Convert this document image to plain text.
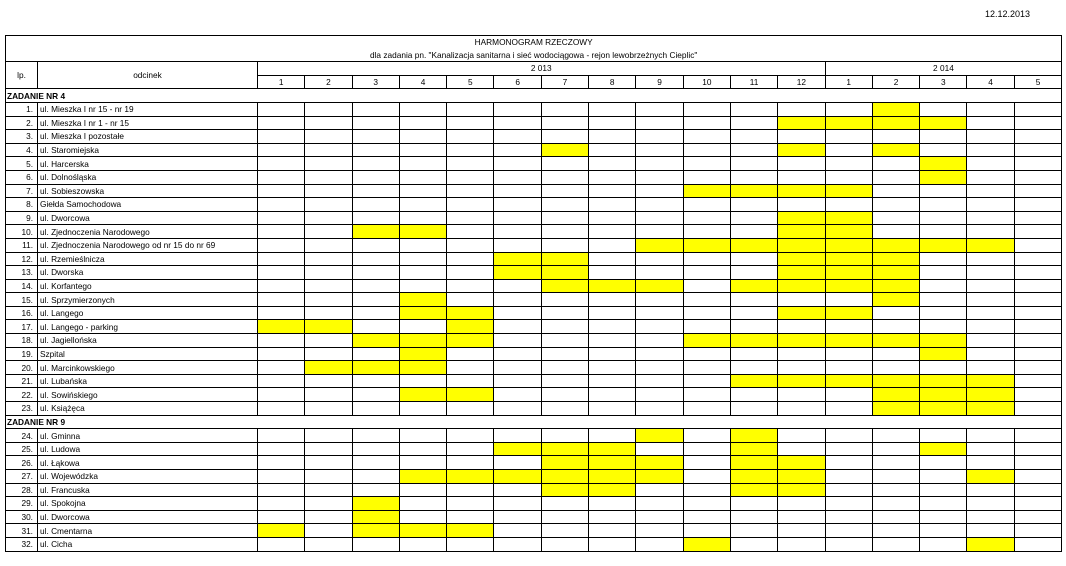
12.12.2013
HARMONOGRAM RZECZOWY																		
dla zadania pn. "Kanalizacja sanitarna i sieć wodociągowa - rejon lewobrzeżnych Cieplic"																		
lp.	odcinek	2 013												2 014				
		1	2	3	4	5	6	7	8	9	10	11	12	1	2	3	4	5
ZADANIE NR 4																		
1.	ul. Mieszka I nr 15 - nr 19																	
2.	ul. Mieszka I nr 1 - nr 15																	
3.	ul. Mieszka I pozostałe																	
4.	ul. Staromiejska																	
5.	ul. Harcerska																	
6.	ul. Dolnośląska																	
7.	ul. Sobieszowska																	
8.	Giełda Samochodowa																	
9.	ul. Dworcowa																	
10.	ul. Zjednoczenia Narodowego																	
11.	ul. Zjednoczenia Narodowego od nr 15 do nr 69																	
12.	ul. Rzemieślnicza																	
13.	ul. Dworska																	
14.	ul. Korfantego																	
15.	ul. Sprzymierzonych																	
16.	ul. Langego																	
17.	ul. Langego - parking																	
18.	ul. Jagiellońska																	
19.	Szpital																	
20.	ul. Marcinkowskiego																	
21.	ul. Lubańska																	
22.	ul. Sowińskiego																	
23.	ul. Książęca																	
ZADANIE NR 9																		
24.	ul. Gminna																	
25.	ul. Ludowa																	
26.	ul. Łąkowa																	
27.	ul. Wojewódzka																	
28.	ul. Francuska																	
29.	ul. Spokojna																	
30.	ul. Dworcowa																	
31.	ul. Cmentarna																	
32.	ul. Cicha																	
